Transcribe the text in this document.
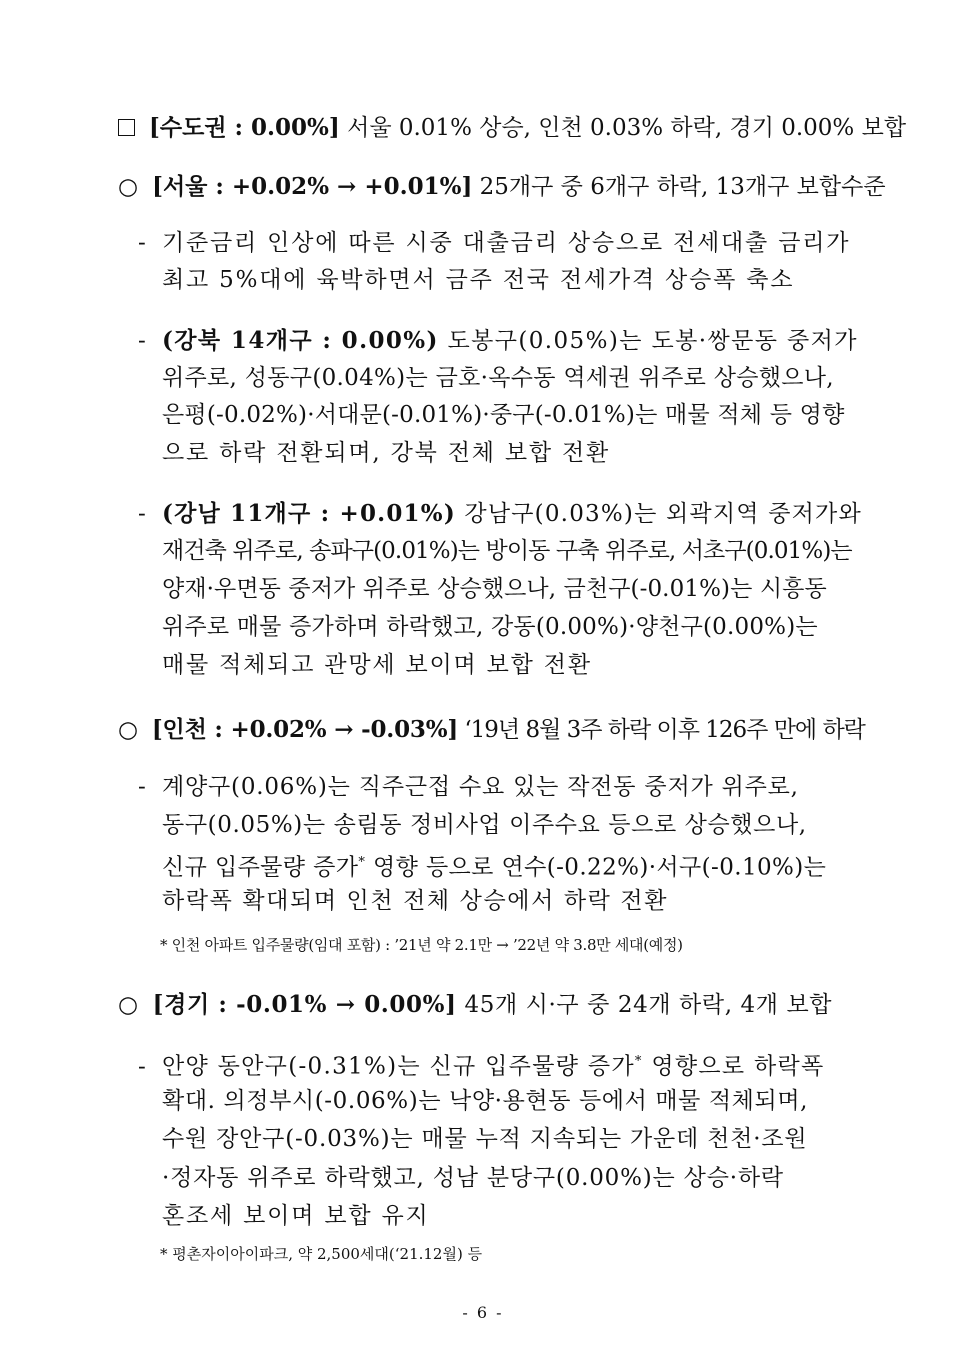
[수도권 : 0.00%] 서울 0.01% 상승, 인천 0.03% 하락, 경기 0.00% 보합
○ [서울 : +0.02% → +0.01%] 25개구 중 6개구 하락, 13개구 보합수준
- 기준금리 인상에 따른 시중 대출금리 상승으로 전세대출 금리가
최고 5%대에 육박하면서 금주 전국 전세가격 상승폭 축소
- (강북 14개구 : 0.00%) 도봉구(0.05%)는 도봉·쌍문동 중저가
위주로, 성동구(0.04%)는 금호·옥수동 역세권 위주로 상승했으나,
은평(-0.02%)·서대문(-0.01%)·중구(-0.01%)는 매물 적체 등 영향
으로 하락 전환되며, 강북 전체 보합 전환
- (강남 11개구 : +0.01%) 강남구(0.03%)는 외곽지역 중저가와
재건축 위주로, 송파구(0.01%)는 방이동 구축 위주로, 서초구(0.01%)는
양재·우면동 중저가 위주로 상승했으나, 금천구(-0.01%)는 시흥동
위주로 매물 증가하며 하락했고, 강동(0.00%)·양천구(0.00%)는
매물 적체되고 관망세 보이며 보합 전환
○ [인천 : +0.02% → -0.03%] ‘19년 8월 3주 하락 이후 126주 만에 하락
- 계양구(0.06%)는 직주근접 수요 있는 작전동 중저가 위주로,
동구(0.05%)는 송림동 정비사업 이주수요 등으로 상승했으나,
신규 입주물량 증가* 영향 등으로 연수(-0.22%)·서구(-0.10%)는
하락폭 확대되며 인천 전체 상승에서 하락 전환
* 인천 아파트 입주물량(임대 포함) : ’21년 약 2.1만 → ’22년 약 3.8만 세대(예정)
○ [경기 : -0.01% → 0.00%] 45개 시·구 중 24개 하락, 4개 보합
- 안양 동안구(-0.31%)는 신규 입주물량 증가* 영향으로 하락폭
확대. 의정부시(-0.06%)는 낙양·용현동 등에서 매물 적체되며,
수원 장안구(-0.03%)는 매물 누적 지속되는 가운데 천천·조원
·정자동 위주로 하락했고, 성남 분당구(0.00%)는 상승·하락
혼조세 보이며 보합 유지
* 평촌자이아이파크, 약 2,500세대(‘21.12월) 등
- 6 -
